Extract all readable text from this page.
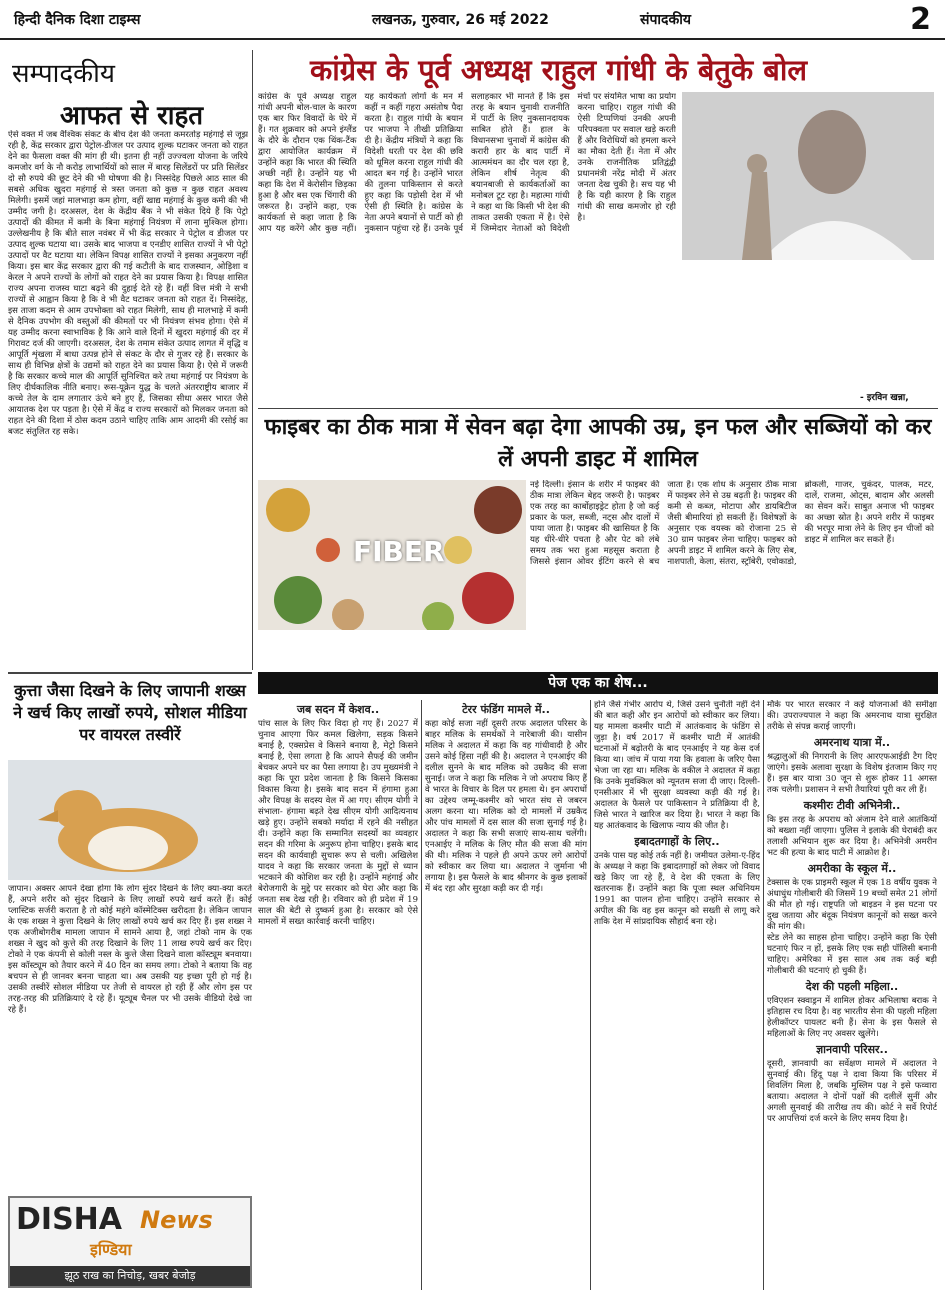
हिन्दी दैनिक दिशा टाइम्स	लखनऊ, गुरुवार, 26 मई 2022	संपादकीय	2
सम्पादकीय
आफत से राहत
ऐसे वक्त में जब वैश्विक संकट के बीच देश की जनता कमरतोड़ महंगाई से जूझ रही है, केंद्र सरकार द्वारा पेट्रोल-डीजल पर उत्पाद शुल्क घटाकर जनता को राहत देने का फैसला वक्त की मांग ही थी। इतना ही नहीं उज्ज्वला योजना के जरिये कमजोर वर्ग के नौ करोड़ लाभार्थियों को साल में बारह सिलेंडरों पर प्रति सिलेंडर दो सौ रुपये की छूट देने की भी घोषणा की है। निस्संदेह पिछले आठ साल की सबसे अधिक खुदरा महंगाई से त्रस्त जनता को कुछ न कुछ राहत अवश्य मिलेगी। इसमें जहां मालभाड़ा कम होगा, वहीं खाद्य महंगाई के कुछ कमी की भी उम्मीद जगी है। दरअसल, देश के केंद्रीय बैंक ने भी संकेत दिये हैं कि पेट्रो उत्पादों की कीमत में कमी के बिना महंगाई नियंत्रण में लाना मुश्किल होगा। उल्लेखनीय है कि बीते साल नवंबर में भी केंद्र सरकार ने पेट्रोल व डीजल पर उत्पाद शुल्क घटाया था। उसके बाद भाजपा व एनडीए शासित राज्यों ने भी पेट्रो उत्पादों पर वैट घटाया था। लेकिन विपक्ष शासित राज्यों ने इसका अनुकरण नहीं किया। इस बार केंद्र सरकार द्वारा की गई कटौती के बाद राजस्थान, ओड़िशा व केरल ने अपने राज्यों के लोगों को राहत देने का प्रयास किया है। विपक्ष शासित राज्य अपना राजस्व घाटा बढ़ने की दुहाई देते रहे हैं। वहीं वित्त मंत्री ने सभी राज्यों से आह्वान किया है कि वे भी वैट घटाकर जनता को राहत दें। निस्संदेह, इस ताजा कदम से आम उपभोक्ता को राहत मिलेगी, साथ ही मालभाड़े में कमी से दैनिक उपभोग की वस्तुओं की कीमतों पर भी नियंत्रण संभव होगा। ऐसे में यह उम्मीद करना स्वाभाविक है कि आने वाले दिनों में खुदरा महंगाई की दर में गिरावट दर्ज की जाएगी। दरअसल, देश के तमाम संकेत उत्पाद लागत में वृद्धि व आपूर्ति शृंखला में बाधा उत्पन्न होने से संकट के दौर से गुजर रहे हैं। सरकार के साथ ही विभिन्न क्षेत्रों के उद्यमों को राहत देने का प्रयास किया है। ऐसे में जरूरी है कि सरकार कच्चे माल की आपूर्ति सुनिश्चित करे तथा महंगाई पर नियंत्रण के लिए दीर्घकालिक नीति बनाए। रूस-यूक्रेन युद्ध के चलते अंतरराष्ट्रीय बाजार में कच्चे तेल के दाम लगातार ऊंचे बने हुए हैं, जिसका सीधा असर भारत जैसे आयातक देश पर पड़ता है। ऐसे में केंद्र व राज्य सरकारों को मिलकर जनता को राहत देने की दिशा में ठोस कदम उठाने चाहिए ताकि आम आदमी की रसोई का बजट संतुलित रह सके।
कांग्रेस के पूर्व अध्यक्ष राहुल गांधी के बेतुके बोल
कांग्रेस के पूर्व अध्यक्ष राहुल गांधी अपनी बोल-चाल के कारण एक बार फिर विवादों के घेरे में हैं। गत शुक्रवार को अपने इंग्लैंड के दौरे के दौरान एक थिंक-टैंक द्वारा आयोजित कार्यक्रम में उन्होंने कहा कि भारत की स्थिति अच्छी नहीं है। उन्होंने यह भी कहा कि देश में केरोसीन छिड़का हुआ है और बस एक चिंगारी की जरूरत है। उन्होंने कहा, एक कार्यकर्ता से कहा जाता है कि आप यह करेंगे और कुछ नहीं। यह कार्यकर्ता लोगों के मन में कहीं न कहीं गहरा असंतोष पैदा करता है। राहुल गांधी के बयान पर भाजपा ने तीखी प्रतिक्रिया दी है। केंद्रीय मंत्रियों ने कहा कि विदेशी धरती पर देश की छवि को धूमिल करना राहुल गांधी की आदत बन गई है। उन्होंने भारत की तुलना पाकिस्तान से करते हुए कहा कि पड़ोसी देश में भी ऐसी ही स्थिति है। कांग्रेस के नेता अपने बयानों से पार्टी को ही नुकसान पहुंचा रहे हैं। उनके पूर्व सलाहकार भी मानते हैं कि इस तरह के बयान चुनावी राजनीति में पार्टी के लिए नुकसानदायक साबित होते हैं। हाल के विधानसभा चुनावों में कांग्रेस की करारी हार के बाद पार्टी में आत्ममंथन का दौर चल रहा है, लेकिन शीर्ष नेतृत्व की बयानबाजी से कार्यकर्ताओं का मनोबल टूट रहा है। महात्मा गांधी ने कहा था कि किसी भी देश की ताकत उसकी एकता में है। ऐसे में जिम्मेदार नेताओं को विदेशी मंचों पर संयमित भाषा का प्रयोग करना चाहिए। राहुल गांधी की ऐसी टिप्पणियां उनकी अपनी परिपक्वता पर सवाल खड़े करती हैं और विरोधियों को हमला करने का मौका देती हैं। नेता में और उनके राजनीतिक प्रतिद्वंद्वी प्रधानमंत्री नरेंद्र मोदी में अंतर जनता देख चुकी है। सच यह भी है कि यही कारण है कि राहुल गांधी की साख कमजोर हो रही है।
- इरविन खन्ना,
फाइबर का ठीक मात्रा में सेवन बढ़ा देगा आपकी उम्र, इन फल और सब्जियों को कर लें अपनी डाइट में शामिल
FIBER
नई दिल्ली। इंसान के शरीर में फाइबर की ठीक मात्रा लेकिन बेहद जरूरी है। फाइबर एक तरह का कार्बोहाइड्रेट होता है जो कई प्रकार के फल, सब्जी, नट्स और दालों में पाया जाता है। फाइबर की खासियत है कि यह धीरे-धीरे पचता है और पेट को लंबे समय तक भरा हुआ महसूस कराता है जिससे इंसान ओवर ईटिंग करने से बच जाता है। एक शोध के अनुसार ठीक मात्रा में फाइबर लेने से उम्र बढ़ती है। फाइबर की कमी से कब्ज, मोटापा और डायबिटीज जैसी बीमारियां हो सकती हैं। विशेषज्ञों के अनुसार एक वयस्क को रोजाना 25 से 30 ग्राम फाइबर लेना चाहिए। फाइबर को अपनी डाइट में शामिल करने के लिए सेब, नाशपाती, केला, संतरा, स्ट्रॉबेरी, एवोकाडो, ब्रोकली, गाजर, चुकंदर, पालक, मटर, दालें, राजमा, ओट्स, बादाम और अलसी का सेवन करें। साबुत अनाज भी फाइबर का अच्छा स्रोत है। अपने शरीर में फाइबर की भरपूर मात्रा लेने के लिए इन चीजों को डाइट में शामिल कर सकते हैं।
पेज एक का शेष...
कुत्ता जैसा दिखने के लिए जापानी शख्स ने खर्च किए लाखों रुपये, सोशल मीडिया पर वायरल तस्वीरें
जापान। अक्सर आपने देखा होगा कि लोग सुंदर दिखने के लिए क्या-क्या करते हैं, अपने शरीर को सुंदर दिखाने के लिए लाखों रुपये खर्च करते हैं। कोई प्लास्टिक सर्जरी कराता है तो कोई महंगे कॉस्मेटिक्स खरीदता है। लेकिन जापान के एक शख्स ने कुत्ता दिखने के लिए लाखों रुपये खर्च कर दिए हैं। इस शख्स ने एक अजीबोगरीब मामला जापान में सामने आया है, जहां टोको नाम के एक शख्स ने खुद को कुत्ते की तरह दिखाने के लिए 11 लाख रुपये खर्च कर दिए। टोको ने एक कंपनी से कोली नस्ल के कुत्ते जैसा दिखने वाला कॉस्ट्यूम बनवाया। इस कॉस्ट्यूम को तैयार करने में 40 दिन का समय लगा। टोको ने बताया कि वह बचपन से ही जानवर बनना चाहता था। अब उसकी यह इच्छा पूरी हो गई है। उसकी तस्वीरें सोशल मीडिया पर तेजी से वायरल हो रही हैं और लोग इस पर तरह-तरह की प्रतिक्रियाएं दे रहे हैं। यूट्यूब चैनल पर भी उसके वीडियो देखे जा रहे हैं।
DISHA News
इण्डिया
झूठ राख का निचोड़, खबर बेजोड़
जब सदन में केशव..
पांच साल के लिए फिर विदा हो गए हैं। 2027 में चुनाव आएगा फिर कमल खिलेगा, सड़क किसने बनाई है, एक्सप्रेस वे किसने बनाया है, मेट्रो किसने बनाई है, ऐसा लगता है कि आपने सैफई की जमीन बेचकर अपने घर का पैसा लगाया है। उप मुख्यमंत्री ने कहा कि पूरा प्रदेश जानता है कि किसने किसका विकास किया है। इसके बाद सदन में हंगामा हुआ और विपक्ष के सदस्य वेल में आ गए। सीएम योगी ने संभाला- हंगामा बढ़ते देख सीएम योगी आदित्यनाथ खड़े हुए। उन्होंने सबको मर्यादा में रहने की नसीहत दी। उन्होंने कहा कि सम्मानित सदस्यों का व्यवहार सदन की गरिमा के अनुरूप होना चाहिए। इसके बाद सदन की कार्यवाही सुचारू रूप से चली। अखिलेश यादव ने कहा कि सरकार जनता के मुद्दों से ध्यान भटकाने की कोशिश कर रही है। उन्होंने महंगाई और बेरोजगारी के मुद्दे पर सरकार को घेरा और कहा कि जनता सब देख रही है। रविवार को ही प्रदेश में 19 साल की बेटी से दुष्कर्म हुआ है। सरकार को ऐसे मामलों में सख्त कार्रवाई करनी चाहिए।
टेरर फंडिंग मामले में..
कहा कोई सजा नहीं दूसरी तरफ अदालत परिसर के बाहर मलिक के समर्थकों ने नारेबाजी की। यासीन मलिक ने अदालत में कहा कि वह गांधीवादी है और उसने कोई हिंसा नहीं की है। अदालत ने एनआईए की दलील सुनने के बाद मलिक को उम्रकैद की सजा सुनाई। जज ने कहा कि मलिक ने जो अपराध किए हैं वे भारत के विचार के दिल पर हमला थे। इन अपराधों का उद्देश्य जम्मू-कश्मीर को भारत संघ से जबरन अलग करना था। मलिक को दो मामलों में उम्रकैद और पांच मामलों में दस साल की सजा सुनाई गई है। अदालत ने कहा कि सभी सजाएं साथ-साथ चलेंगी। एनआईए ने मलिक के लिए मौत की सजा की मांग की थी। मलिक ने पहले ही अपने ऊपर लगे आरोपों को स्वीकार कर लिया था। अदालत ने जुर्माना भी लगाया है। इस फैसले के बाद श्रीनगर के कुछ इलाकों में बंद रहा और सुरक्षा कड़ी कर दी गई।
होने जैसे गंभीर आरोप थे, जिसे उसने चुनौती नहीं देने की बात कही और इन आरोपों को स्वीकार कर लिया। यह मामला कश्मीर घाटी में आतंकवाद के फंडिंग से जुड़ा है। वर्ष 2017 में कश्मीर घाटी में आतंकी घटनाओं में बढ़ोतरी के बाद एनआईए ने यह केस दर्ज किया था। जांच में पाया गया कि हवाला के जरिए पैसा भेजा जा रहा था। मलिक के वकील ने अदालत में कहा कि उनके मुवक्किल को न्यूनतम सजा दी जाए। दिल्ली-एनसीआर में भी सुरक्षा व्यवस्था कड़ी की गई है। अदालत के फैसले पर पाकिस्तान ने प्रतिक्रिया दी है, जिसे भारत ने खारिज कर दिया है। भारत ने कहा कि यह आतंकवाद के खिलाफ न्याय की जीत है।
इबादतगाहों के लिए..
उनके पास यह कोई तर्क नहीं है। जमीयत उलेमा-ए-हिंद के अध्यक्ष ने कहा कि इबादतगाहों को लेकर जो विवाद खड़े किए जा रहे हैं, वे देश की एकता के लिए खतरनाक हैं। उन्होंने कहा कि पूजा स्थल अधिनियम 1991 का पालन होना चाहिए। उन्होंने सरकार से अपील की कि वह इस कानून को सख्ती से लागू करे ताकि देश में सांप्रदायिक सौहार्द बना रहे।
मौके पर भारत सरकार ने कई योजनाओं की समीक्षा की। उपराज्यपाल ने कहा कि अमरनाथ यात्रा सुरक्षित तरीके से संपन्न कराई जाएगी।
अमरनाथ यात्रा में..
श्रद्धालुओं की निगरानी के लिए आरएफआईडी टैग दिए जाएंगे। इसके अलावा सुरक्षा के विशेष इंतजाम किए गए हैं। इस बार यात्रा 30 जून से शुरू होकर 11 अगस्त तक चलेगी। प्रशासन ने सभी तैयारियां पूरी कर ली हैं।
कश्मीरः टीवी अभिनेत्री..
कि इस तरह के अपराध को अंजाम देने वाले आतंकियों को बख्शा नहीं जाएगा। पुलिस ने इलाके की घेराबंदी कर तलाशी अभियान शुरू कर दिया है। अभिनेत्री अमरीन भट की हत्या के बाद घाटी में आक्रोश है।
अमरीका के स्कूल में..
टेक्सास के एक प्राइमरी स्कूल में एक 18 वर्षीय युवक ने अंधाधुंध गोलीबारी की जिसमें 19 बच्चों समेत 21 लोगों की मौत हो गई। राष्ट्रपति जो बाइडन ने इस घटना पर दुख जताया और बंदूक नियंत्रण कानूनों को सख्त करने की मांग की।
स्टेड लेने का साहस होना चाहिए। उन्होंने कहा कि ऐसी घटनाएं फिर न हों, इसके लिए एक सही पॉलिसी बनानी चाहिए। अमेरिका में इस साल अब तक कई बड़ी गोलीबारी की घटनाएं हो चुकी हैं।
देश की पहली महिला..
एविएशन स्क्वाड्रन में शामिल होकर अभिलाषा बराक ने इतिहास रच दिया है। वह भारतीय सेना की पहली महिला हेलीकॉप्टर पायलट बनी हैं। सेना के इस फैसले से महिलाओं के लिए नए अवसर खुलेंगे।
ज्ञानवापी परिसर..
दूसरी, ज्ञानवापी का सर्वेक्षण मामले में अदालत ने सुनवाई की। हिंदू पक्ष ने दावा किया कि परिसर में शिवलिंग मिला है, जबकि मुस्लिम पक्ष ने इसे फव्वारा बताया। अदालत ने दोनों पक्षों की दलीलें सुनीं और अगली सुनवाई की तारीख तय की। कोर्ट ने सर्वे रिपोर्ट पर आपत्तियां दर्ज करने के लिए समय दिया है।
